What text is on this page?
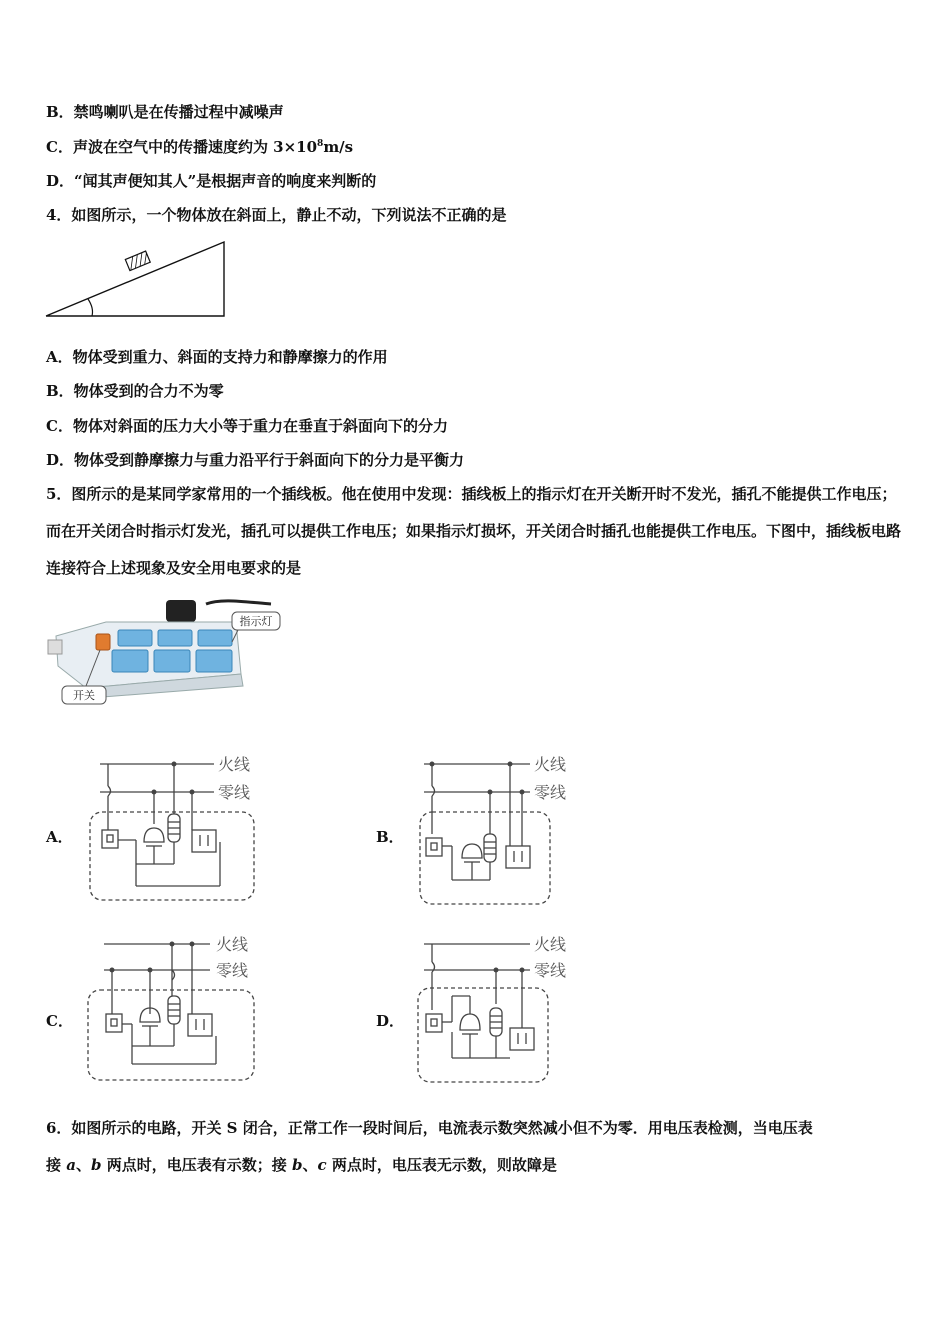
B．禁鸣喇叭是在传播过程中减噪声
C．声波在空气中的传播速度约为 $3\times 10^8m/s$
D．“闻其声便知其人”是根据声音的响度来判断的
4．如图所示，一个物体放在斜面上，静止不动，下列说法不正确的是
A．物体受到重力、斜面的支持力和静摩擦力的作用
B．物体受到的合力不为零
C．物体对斜面的压力大小等于重力在垂直于斜面向下的分力
D．物体受到静摩擦力与重力沿平行于斜面向下的分力是平衡力
5．图所示的是某同学家常用的一个插线板。他在使用中发现：插线板上的指示灯在开关断开时不发光，插孔不能提供工作电压；而在开关闭合时指示灯发光，插孔可以提供工作电压；如果指示灯损坏，开关闭合时插孔也能提供工作电压。下图中，插线板电路连接符合上述现象及安全用电要求的是
指示灯
开关
A．	B．
C．	D．
火线
零线
火线
零线
火线
零线
火线
零线
6．如图所示的电路，开关 S 闭合，正常工作一段时间后，电流表示数突然减小但不为零．用电压表检测，当电压表
接 a、b 两点时，电压表有示数；接 b、c 两点时，电压表无示数，则故障是
